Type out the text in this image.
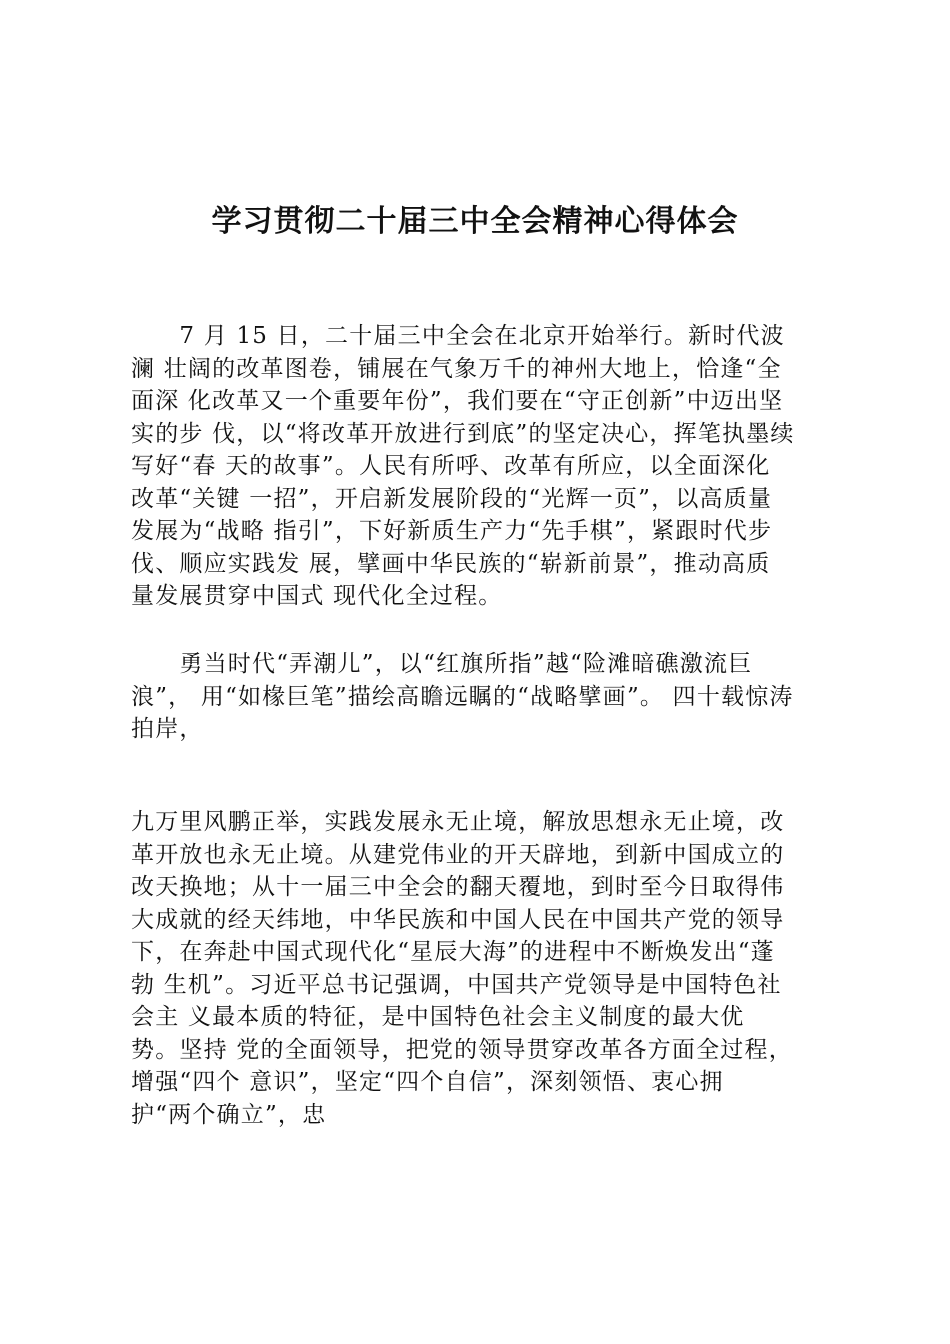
学习贯彻二十届三中全会精神心得体会
　　7 月 15 日，二十届三中全会在北京开始举行。新时代波
澜 壮阔的改革图卷，铺展在气象万千的神州大地上，恰逢“全
面深 化改革又一个重要年份”，我们要在“守正创新”中迈出坚
实的步 伐，以“将改革开放进行到底”的坚定决心，挥笔执墨续
写好“春 天的故事”。人民有所呼、改革有所应，以全面深化
改革“关键 一招”，开启新发展阶段的“光辉一页”，以高质量
发展为“战略 指引”，下好新质生产力“先手棋”，紧跟时代步
伐、顺应实践发 展，擘画中华民族的“崭新前景”，推动高质
量发展贯穿中国式 现代化全过程。
　　勇当时代“弄潮儿”，以“红旗所指”越“险滩暗礁激流巨
浪”， 用“如椽巨笔”描绘高瞻远瞩的“战略擘画”。 四十载惊涛
拍岸，
九万里风鹏正举，实践发展永无止境，解放思想永无止境，改
革开放也永无止境。从建党伟业的开天辟地，到新中国成立的
改天换地；从十一届三中全会的翻天覆地，到时至今日取得伟
大成就的经天纬地，中华民族和中国人民在中国共产党的领导
下，在奔赴中国式现代化“星辰大海”的进程中不断焕发出“蓬
勃 生机”。习近平总书记强调，中国共产党领导是中国特色社
会主 义最本质的特征，是中国特色社会主义制度的最大优
势。坚持 党的全面领导，把党的领导贯穿改革各方面全过程，
增强“四个 意识”，坚定“四个自信”，深刻领悟、衷心拥
护“两个确立”，忠
